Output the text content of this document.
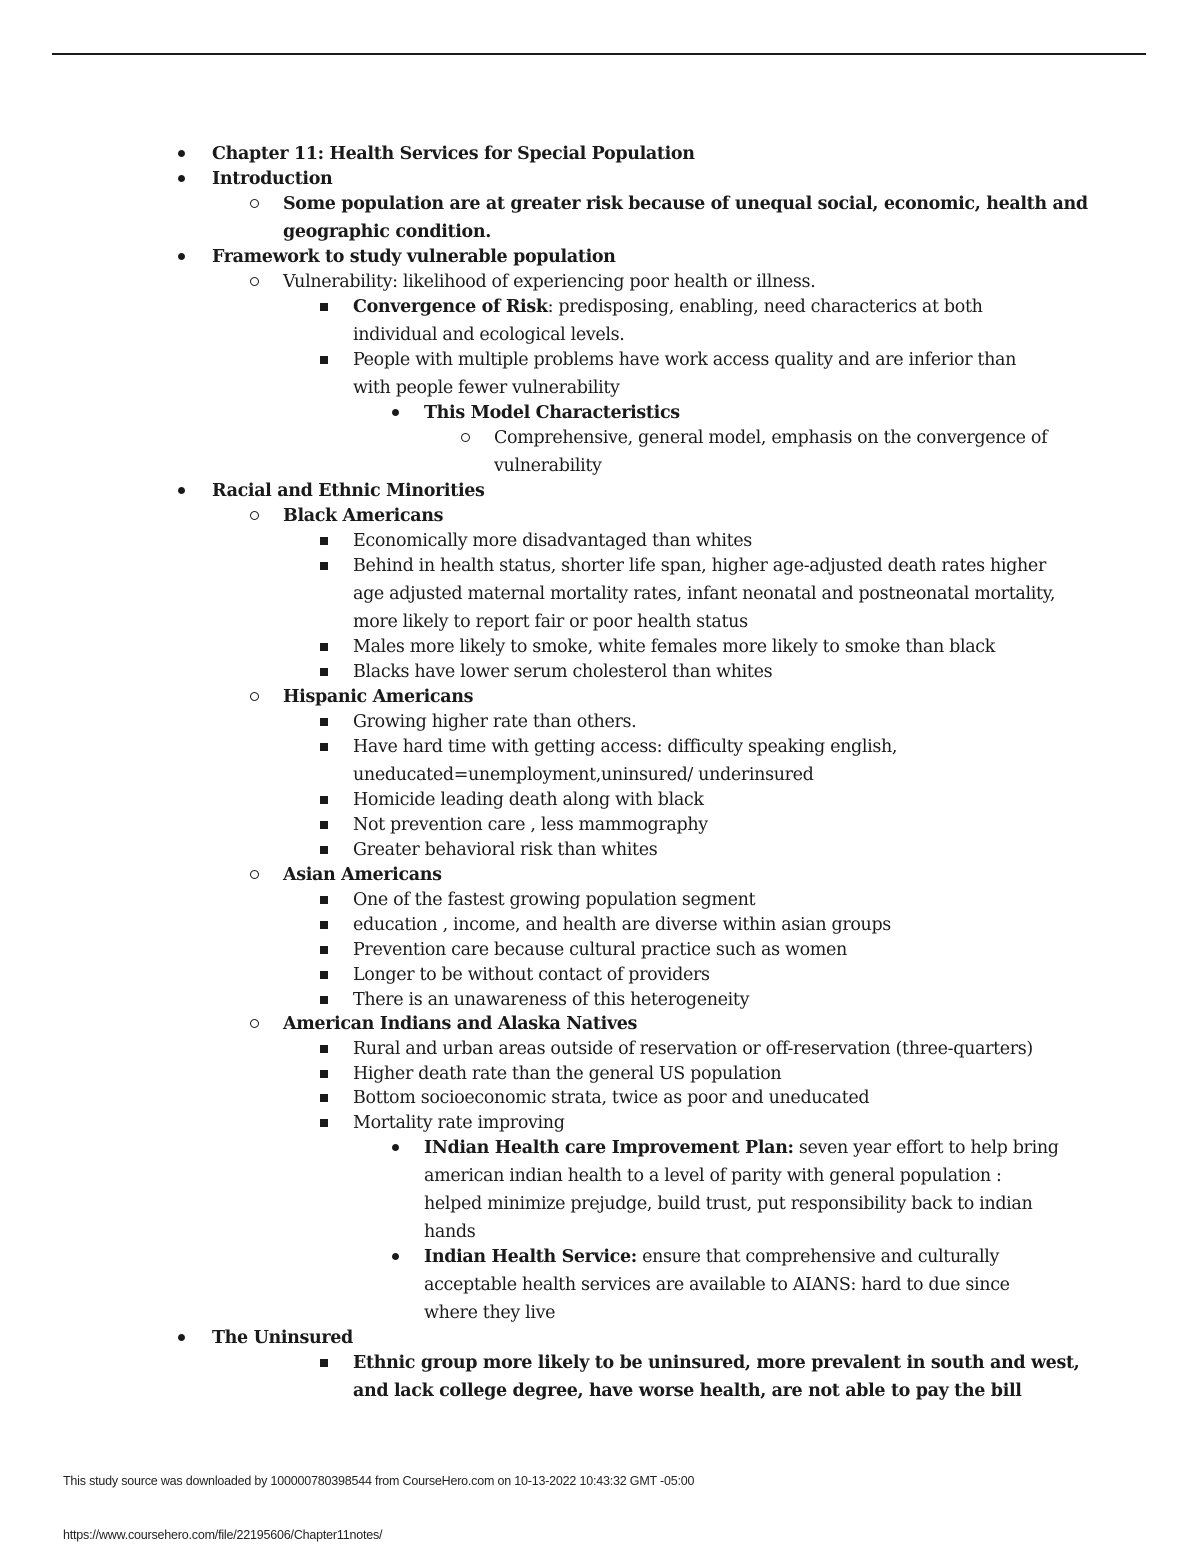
Chapter 11: Health Services for Special Population
Introduction
Some population are at greater risk because of unequal social, economic, health and
geographic condition.
Framework to study vulnerable population
Vulnerability: likelihood of experiencing poor health or illness.
Convergence of Risk: predisposing, enabling, need characterics at both
individual and ecological levels.
People with multiple problems have work access quality and are inferior than
with people fewer vulnerability
This Model Characteristics
Comprehensive, general model, emphasis on the convergence of
vulnerability
Racial and Ethnic Minorities
Black Americans
Economically more disadvantaged than whites
Behind in health status, shorter life span, higher age-adjusted death rates higher
age adjusted maternal mortality rates, infant neonatal and postneonatal mortality,
more likely to report fair or poor health status
Males more likely to smoke, white females more likely to smoke than black
Blacks have lower serum cholesterol than whites
Hispanic Americans
Growing higher rate than others.
Have hard time with getting access: difficulty speaking english,
uneducated=unemployment,uninsured/ underinsured
Homicide leading death along with black
Not prevention care , less mammography
Greater behavioral risk than whites
Asian Americans
One of the fastest growing population segment
education , income, and health are diverse within asian groups
Prevention care because cultural practice such as women
Longer to be without contact of providers
There is an unawareness of this heterogeneity
American Indians and Alaska Natives
Rural and urban areas outside of reservation or off-reservation (three-quarters)
Higher death rate than the general US population
Bottom socioeconomic strata, twice as poor and uneducated
Mortality rate improving
INdian Health care Improvement Plan: seven year effort to help bring
american indian health to a level of parity with general population :
helped minimize prejudge, build trust, put responsibility back to indian
hands
Indian Health Service: ensure that comprehensive and culturally
acceptable health services are available to AIANS: hard to due since
where they live
The Uninsured
Ethnic group more likely to be uninsured, more prevalent in south and west,
and lack college degree, have worse health, are not able to pay the bill
This study source was downloaded by 100000780398544 from CourseHero.com on 10-13-2022 10:43:32 GMT -05:00
https://www.coursehero.com/file/22195606/Chapter11notes/
